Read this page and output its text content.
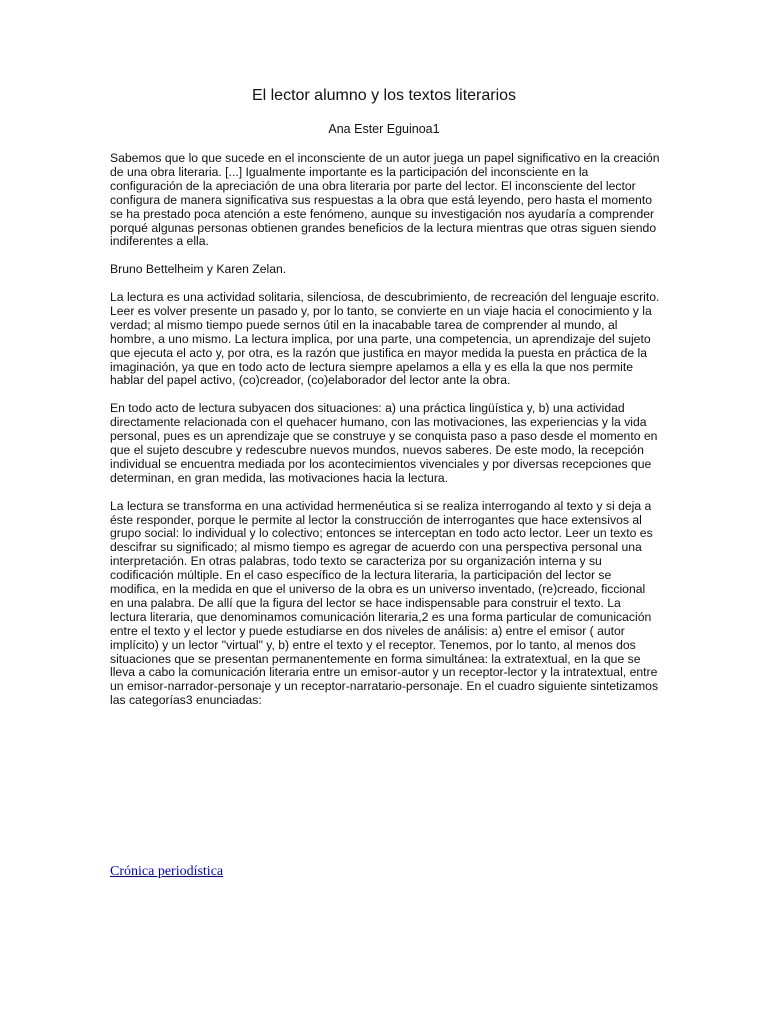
El lector alumno y los textos literarios
Ana Ester Eguinoa1

Sabemos que lo que sucede en el inconsciente de un autor juega un papel significativo en la creación de una obra literaria. [...] Igualmente importante es la participación del inconsciente en la configuración de la apreciación de una obra literaria por parte del lector. El inconsciente del lector configura de manera significativa sus respuestas a la obra que está leyendo, pero hasta el momento se ha prestado poca atención a este fenómeno, aunque su investigación nos ayudaría a comprender porqué algunas personas obtienen grandes beneficios de la lectura mientras que otras siguen siendo indiferentes a ella.

Bruno Bettelheim y Karen Zelan.

La lectura es una actividad solitaria, silenciosa, de descubrimiento, de recreación del lenguaje escrito. Leer es volver presente un pasado y, por lo tanto, se convierte en un viaje hacia el conocimiento y la verdad; al mismo tiempo puede sernos útil en la inacabable tarea de comprender al mundo, al hombre, a uno mismo. La lectura implica, por una parte, una competencia, un aprendizaje del sujeto que ejecuta el acto y, por otra, es la razón que justifica en mayor medida la puesta en práctica de la imaginación, ya que en todo acto de lectura siempre apelamos a ella y es ella la que nos permite hablar del papel activo, (co)creador, (co)elaborador del lector ante la obra.

En todo acto de lectura subyacen dos situaciones: a) una práctica lingüística y, b) una actividad directamente relacionada con el quehacer humano, con las motivaciones, las experiencias y la vida personal, pues es un aprendizaje que se construye y se conquista paso a paso desde el momento en que el sujeto descubre y redescubre nuevos mundos, nuevos saberes. De este modo, la recepción individual se encuentra mediada por los acontecimientos vivenciales y por diversas recepciones que determinan, en gran medida, las motivaciones hacia la lectura.

La lectura se transforma en una actividad hermenéutica si se realiza interrogando al texto y si deja a éste responder, porque le permite al lector la construcción de interrogantes que hace extensivos al grupo social: lo individual y lo colectivo; entonces se interceptan en todo acto lector. Leer un texto es descifrar su significado; al mismo tiempo es agregar de acuerdo con una perspectiva personal una interpretación. En otras palabras, todo texto se caracteriza por su organización interna y su codificación múltiple. En el caso específico de la lectura literaria, la participación del lector se modifica, en la medida en que el universo de la obra es un universo inventado, (re)creado, ficcional en una palabra. De allí que la figura del lector se hace indispensable para construir el texto. La lectura literaria, que denominamos comunicación literaria,2 es una forma particular de comunicación entre el texto y el lector y puede estudiarse en dos niveles de análisis: a) entre el emisor ( autor implícito) y un lector "virtual" y, b) entre el texto y el receptor. Tenemos, por lo tanto, al menos dos situaciones que se presentan permanentemente en forma simultánea: la extratextual, en la que se lleva a cabo la comunicación literaria entre un emisor-autor y un receptor-lector y la intratextual, entre un emisor-narrador-personaje y un receptor-narratario-personaje. En el cuadro siguiente sintetizamos las categorías3 enunciadas:

Crónica periodística
